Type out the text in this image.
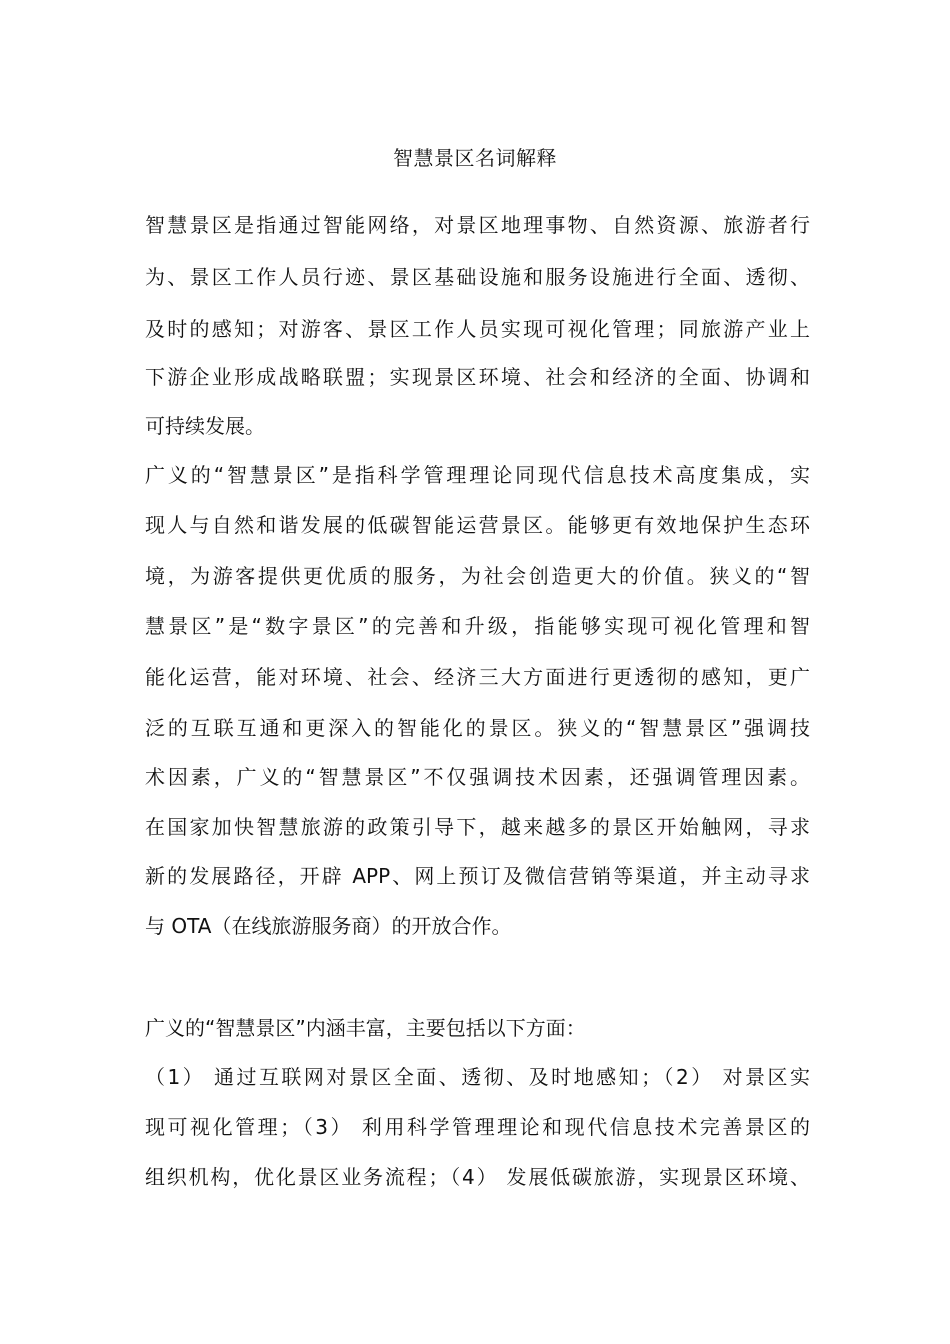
智慧景区名词解释

智慧景区是指通过智能网络，对景区地理事物、自然资源、旅游者行

为、景区工作人员行迹、景区基础设施和服务设施进行全面、透彻、

及时的感知；对游客、景区工作人员实现可视化管理；同旅游产业上

下游企业形成战略联盟；实现景区环境、社会和经济的全面、协调和

可持续发展。

广义的“智慧景区”是指科学管理理论同现代信息技术高度集成，实

现人与自然和谐发展的低碳智能运营景区。能够更有效地保护生态环

境，为游客提供更优质的服务，为社会创造更大的价值。狭义的“智

慧景区”是“数字景区”的完善和升级，指能够实现可视化管理和智

能化运营，能对环境、社会、经济三大方面进行更透彻的感知，更广

泛的互联互通和更深入的智能化的景区。狭义的“智慧景区”强调技

术因素，广义的“智慧景区”不仅强调技术因素，还强调管理因素。

在国家加快智慧旅游的政策引导下，越来越多的景区开始触网，寻求

新的发展路径，开辟 APP、网上预订及微信营销等渠道，并主动寻求

与 OTA（在线旅游服务商）的开放合作。

广义的“智慧景区”内涵丰富，主要包括以下方面：

（1） 通过互联网对景区全面、透彻、及时地感知；（2） 对景区实

现可视化管理；（3） 利用科学管理理论和现代信息技术完善景区的

组织机构，优化景区业务流程；（4） 发展低碳旅游，实现景区环境、
